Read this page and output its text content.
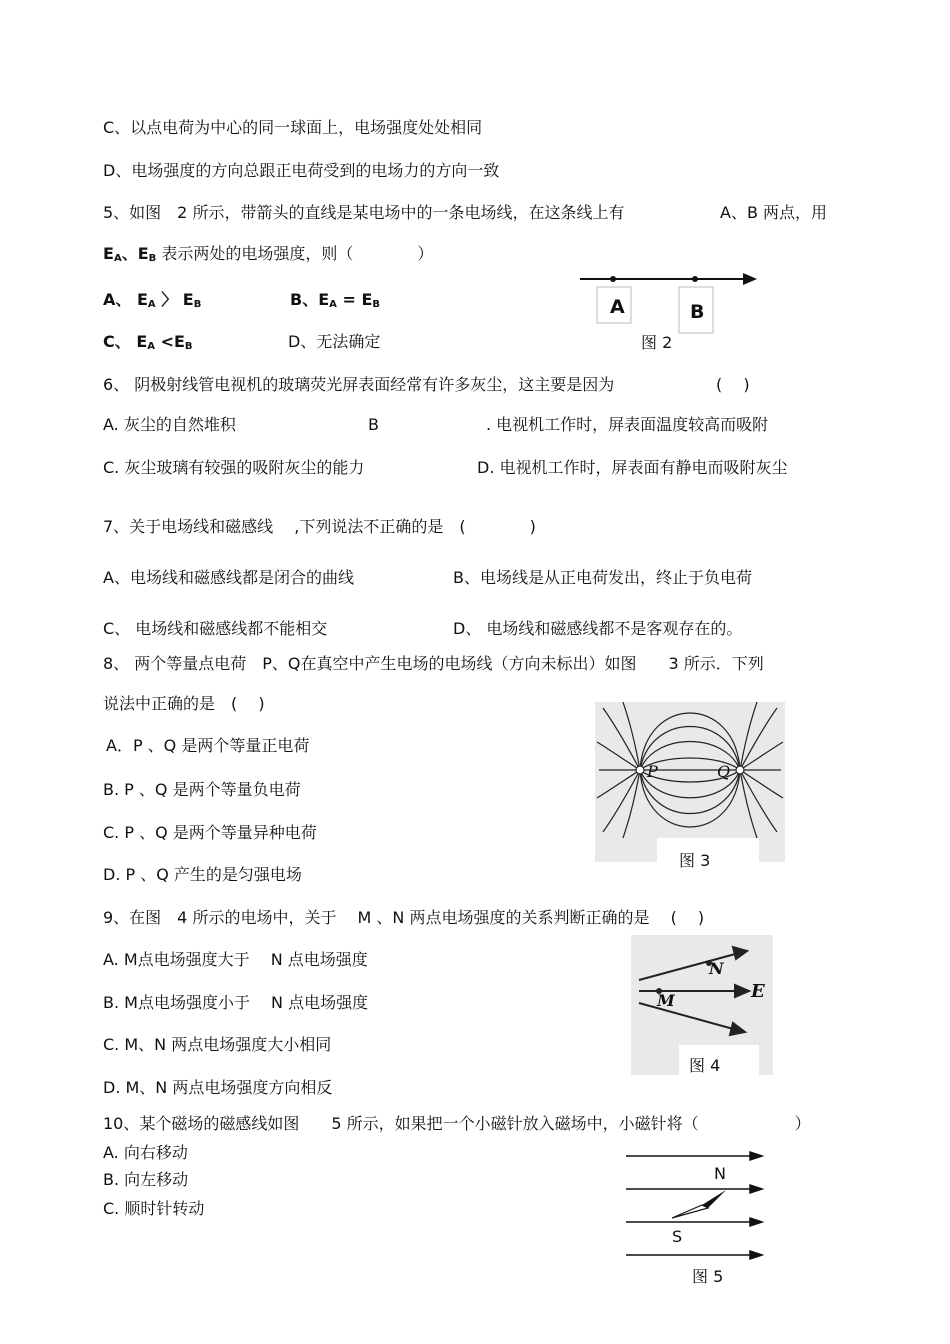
C、以点电荷为中心的同一球面上，电场强度处处相同
D、电场强度的方向总跟正电荷受到的电场力的方向一致
5、如图　2 所示，带箭头的直线是某电场中的一条电场线，在这条线上有	A、B 两点，用
$E_A$、$E_B$ 表示两处的电场强度，则（　　　　）
A、 $E_A$ 〉 $E_B$	B、$E_A = E_B$
C、 $E_A <E_B$	D、无法确定
6、 阴极射线管电视机的玻璃荧光屏表面经常有许多灰尘，这主要是因为	(　 )
A. 灰尘的自然堆积	B	. 电视机工作时，屏表面温度较高而吸附
C. 灰尘玻璃有较强的吸附灰尘的能力	D. 电视机工作时，屏表面有静电而吸附灰尘
7、关于电场线和磁感线　 ,下列说法不正确的是　(　　　　)
A、电场线和磁感线都是闭合的曲线	B、电场线是从正电荷发出，终止于负电荷
C、 电场线和磁感线都不能相交	D、 电场线和磁感线都不是客观存在的。
8、 两个等量点电荷　P、Q在真空中产生电场的电场线（方向未标出）如图　　3 所示．下列
说法中正确的是　(　 )
A．P 、Q 是两个等量正电荷
B. P 、Q 是两个等量负电荷
C. P 、Q 是两个等量异种电荷
D. P 、Q 产生的是匀强电场
9、在图　4 所示的电场中，关于　 M 、N 两点电场强度的关系判断正确的是　 (　 )
A. M点电场强度大于　 N 点电场强度
B. M点电场强度小于　 N 点电场强度
C. M、N 两点电场强度大小相同
D. M、N 两点电场强度方向相反
10、某个磁场的磁感线如图　　5 所示，如果把一个小磁针放入磁场中，小磁针将（　　　　　　）
A. 向右移动
B. 向左移动
C. 顺时针转动
A	B
图 2
P	Q
图 3
N
M	E
图 4
N
S
图 5
